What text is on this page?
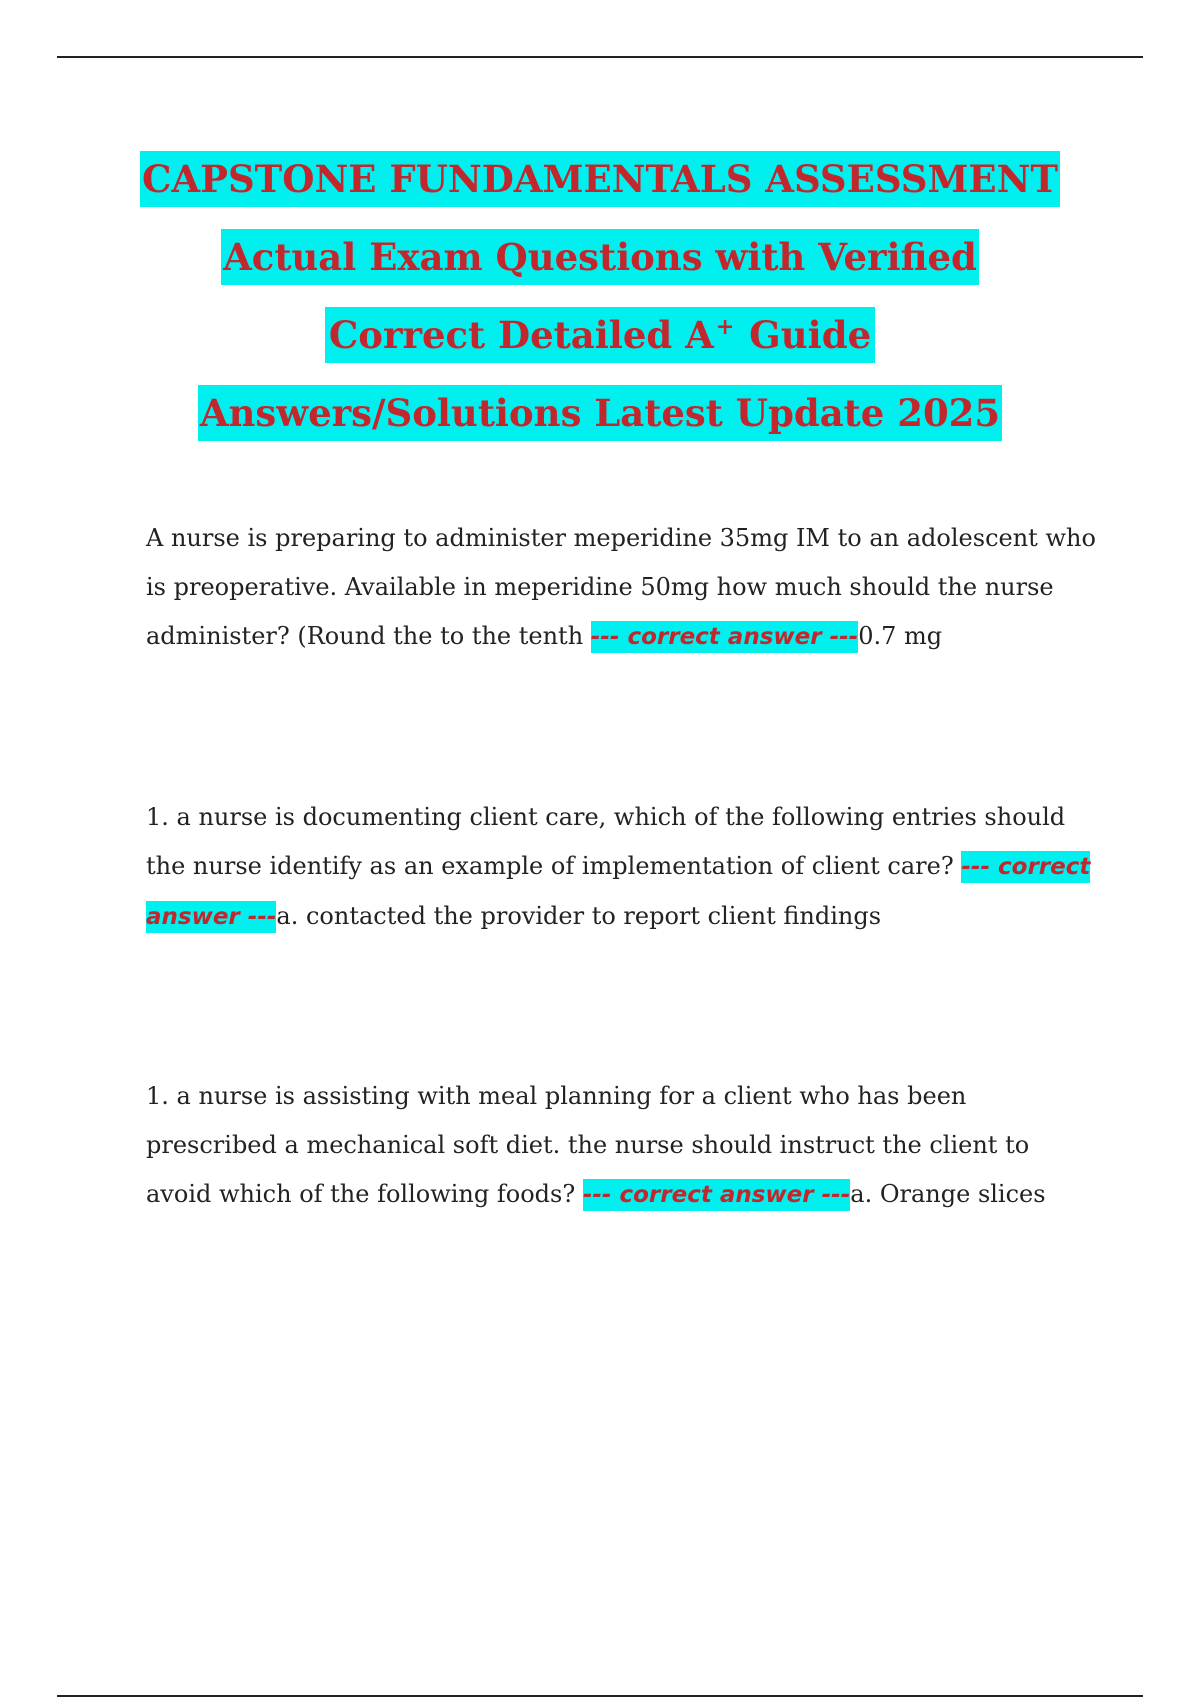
CAPSTONE FUNDAMENTALS ASSESSMENT
Actual Exam Questions with Verified
Correct Detailed A+ Guide
Answers/Solutions Latest Update 2025
A nurse is preparing to administer meperidine 35mg IM to an adolescent who is preoperative. Available in meperidine 50mg how much should the nurse administer? (Round the to the tenth --- correct answer ---0.7 mg
1. a nurse is documenting client care, which of the following entries should the nurse identify as an example of implementation of client care? --- correct answer ---a. contacted the provider to report client findings
1. a nurse is assisting with meal planning for a client who has been prescribed a mechanical soft diet. the nurse should instruct the client to avoid which of the following foods? --- correct answer ---a. Orange slices
